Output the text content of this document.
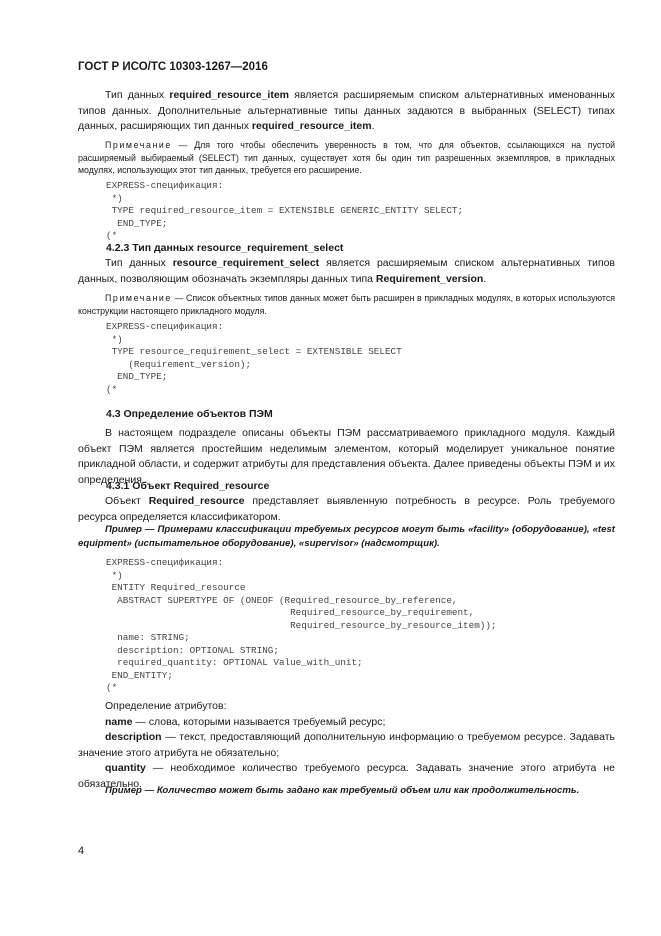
ГОСТ Р ИСО/ТС 10303-1267—2016

Тип данных required_resource_item является расширяемым списком альтернативных именованных типов данных. Дополнительные альтернативные типы данных задаются в выбранных (SELECT) типах данных, расширяющих тип данных required_resource_item.

Примечание — Для того чтобы обеспечить уверенность в том, что для объектов, ссылающихся на пустой расширяемый выбираемый (SELECT) тип данных, существует хотя бы один тип разрешенных экземпляров, в прикладных модулях, использующих этот тип данных, требуется его расширение.

EXPRESS-спецификация:
*)
TYPE required_resource_item = EXTENSIBLE GENERIC_ENTITY SELECT;
END_TYPE;
(*
4.2.3 Тип данных resource_requirement_select

Тип данных resource_requirement_select является расширяемым списком альтернативных типов данных, позволяющим обозначать экземпляры данных типа Requirement_version.

Примечание — Список объектных типов данных может быть расширен в прикладных модулях, в которых используются конструкции настоящего прикладного модуля.

EXPRESS-спецификация:
*)
TYPE resource_requirement_select = EXTENSIBLE SELECT
(Requirement_version);
END_TYPE;
(*
4.3 Определение объектов ПЭМ

В настоящем подразделе описаны объекты ПЭМ рассматриваемого прикладного модуля. Каждый объект ПЭМ является простейшим неделимым элементом, который моделирует уникальное понятие прикладной области, и содержит атрибуты для представления объекта. Далее приведены объекты ПЭМ и их определения.

4.3.1 Объект Required_resource

Объект Required_resource представляет выявленную потребность в ресурсе. Роль требуемого ресурса определяется классификатором.

Пример — Примерами классификации требуемых ресурсов могут быть «facility» (оборудование), «test equipment» (испытательное оборудование), «supervisor» (надсмотрщик).

EXPRESS-спецификация:
*)
ENTITY Required_resource
ABSTRACT SUPERTYPE OF (ONEOF (Required_resource_by_reference,
Required_resource_by_requirement,
Required_resource_by_resource_item));
name: STRING;
description: OPTIONAL STRING;
required_quantity: OPTIONAL Value_with_unit;
END_ENTITY;
(*

Определение атрибутов:

name — слова, которыми называется требуемый ресурс;

description — текст, предоставляющий дополнительную информацию о требуемом ресурсе. Задавать значение этого атрибута не обязательно;

quantity — необходимое количество требуемого ресурса. Задавать значение этого атрибута не обязательно.

Пример — Количество может быть задано как требуемый объем или как продолжительность.

4
